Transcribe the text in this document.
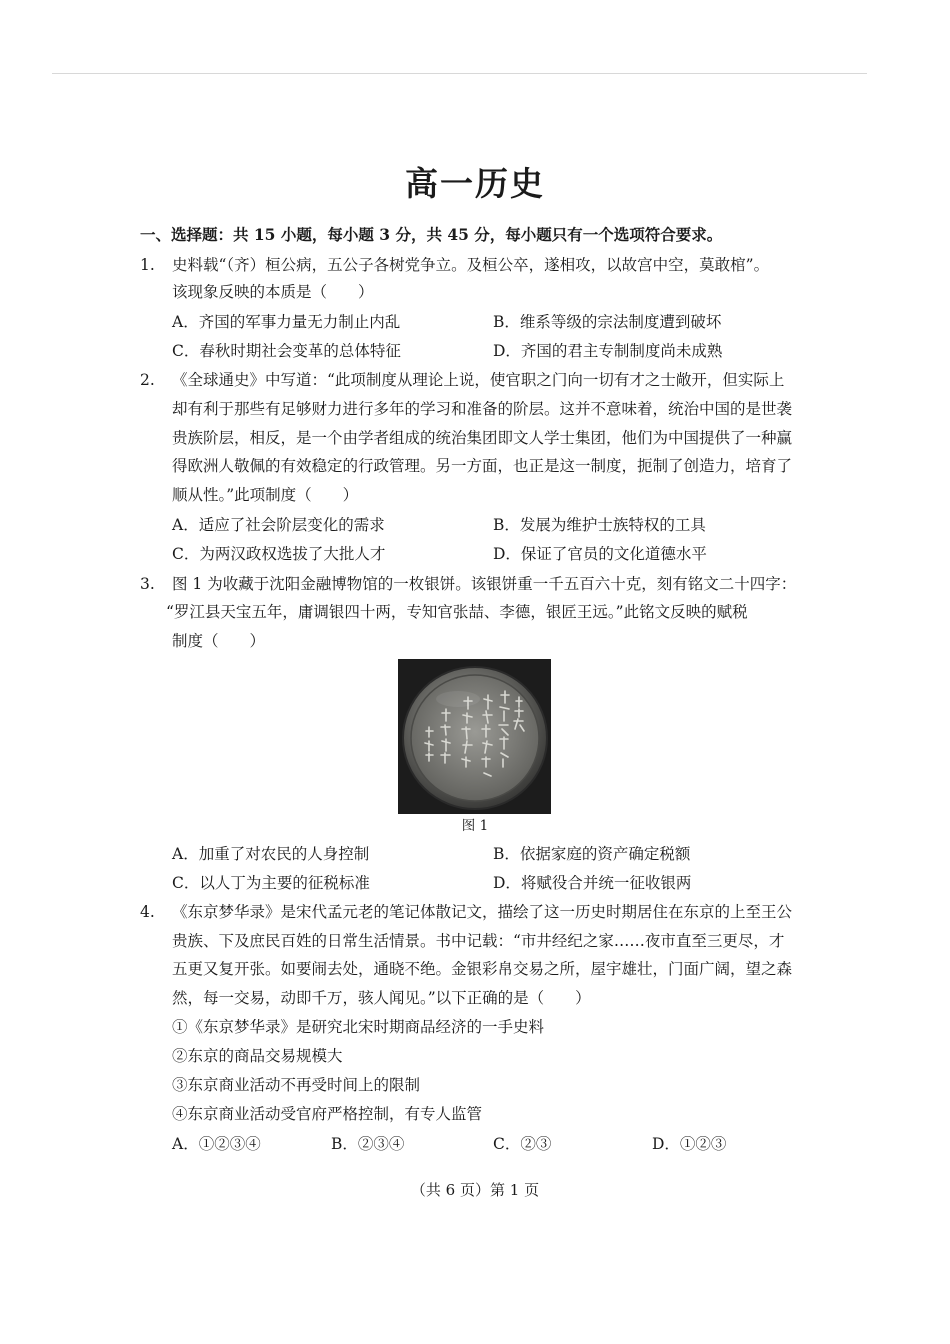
高一历史
一、选择题：共 15 小题，每小题 3 分，共 45 分，每小题只有一个选项符合要求。
1. 史料载“（齐）桓公病，五公子各树党争立。及桓公卒，遂相攻，以故宫中空，莫敢棺”。
该现象反映的本质是（　　）
A．齐国的军事力量无力制止内乱	B．维系等级的宗法制度遭到破坏
C．春秋时期社会变革的总体特征	D．齐国的君主专制制度尚未成熟
2. 《全球通史》中写道：“此项制度从理论上说，使官职之门向一切有才之士敞开，但实际上
却有利于那些有足够财力进行多年的学习和准备的阶层。这并不意味着，统治中国的是世袭
贵族阶层，相反，是一个由学者组成的统治集团即文人学士集团，他们为中国提供了一种赢
得欧洲人敬佩的有效稳定的行政管理。另一方面，也正是这一制度，扼制了创造力，培育了
顺从性。”此项制度（　　）
A．适应了社会阶层变化的需求	B．发展为维护士族特权的工具
C．为两汉政权选拔了大批人才	D．保证了官员的文化道德水平
3. 图 1 为收藏于沈阳金融博物馆的一枚银饼。该银饼重一千五百六十克，刻有铭文二十四字：
“罗江县天宝五年，庸调银四十两，专知官张喆、李德，银匠王远。”此铭文反映的赋税
制度（　　）
图 1
A．加重了对农民的人身控制	B．依据家庭的资产确定税额
C．以人丁为主要的征税标准	D．将赋役合并统一征收银两
4. 《东京梦华录》是宋代孟元老的笔记体散记文，描绘了这一历史时期居住在东京的上至王公
贵族、下及庶民百姓的日常生活情景。书中记载：“市井经纪之家……夜市直至三更尽，才
五更又复开张。如要闹去处，通晓不绝。金银彩帛交易之所，屋宇雄壮，门面广阔，望之森
然，每一交易，动即千万，骇人闻见。”以下正确的是（　　）
①《东京梦华录》是研究北宋时期商品经济的一手史料
②东京的商品交易规模大
③东京商业活动不再受时间上的限制
④东京商业活动受官府严格控制，有专人监管
A．①②③④	B．②③④	C．②③	D．①②③
（共 6 页）第 1 页
